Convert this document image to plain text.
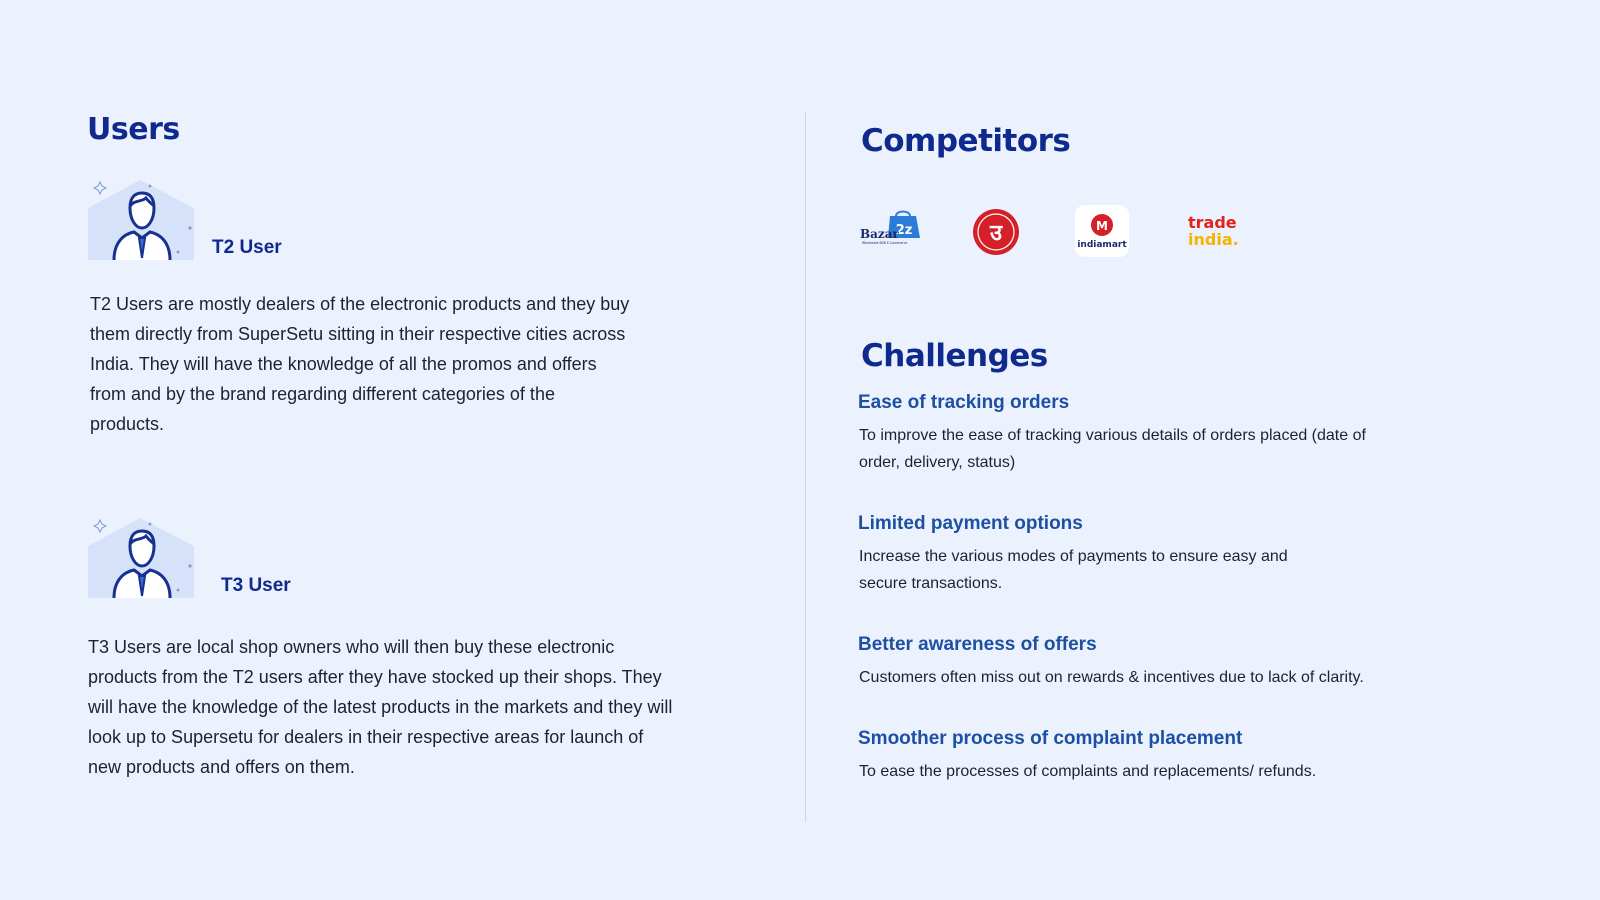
Users
T2 User

T2 Users are mostly dealers of the electronic products and they buy them directly from SuperSetu sitting in their respective cities across India. They will have the knowledge of all the promos and offers from and by the brand regarding different categories of the products.

T3 User

T3 Users are local shop owners who will then buy these electronic products from the T2 users after they have stocked up their shops. They will have the knowledge of the latest products in the markets and they will look up to Supersetu for dealers in their respective areas for launch of new products and offers on them.

Competitors
2z
Bazar
Wholesale B2B E-Commerce	उ	M
indiamart
trade
india.
Challenges
Ease of tracking orders

To improve the ease of tracking various details of orders placed (date of order, delivery, status)

Limited payment options

Increase the various modes of payments to ensure easy and secure transactions.

Better awareness of offers

Customers often miss out on rewards & incentives due to lack of clarity.

Smoother process of complaint placement

To ease the processes of complaints and replacements/ refunds.
